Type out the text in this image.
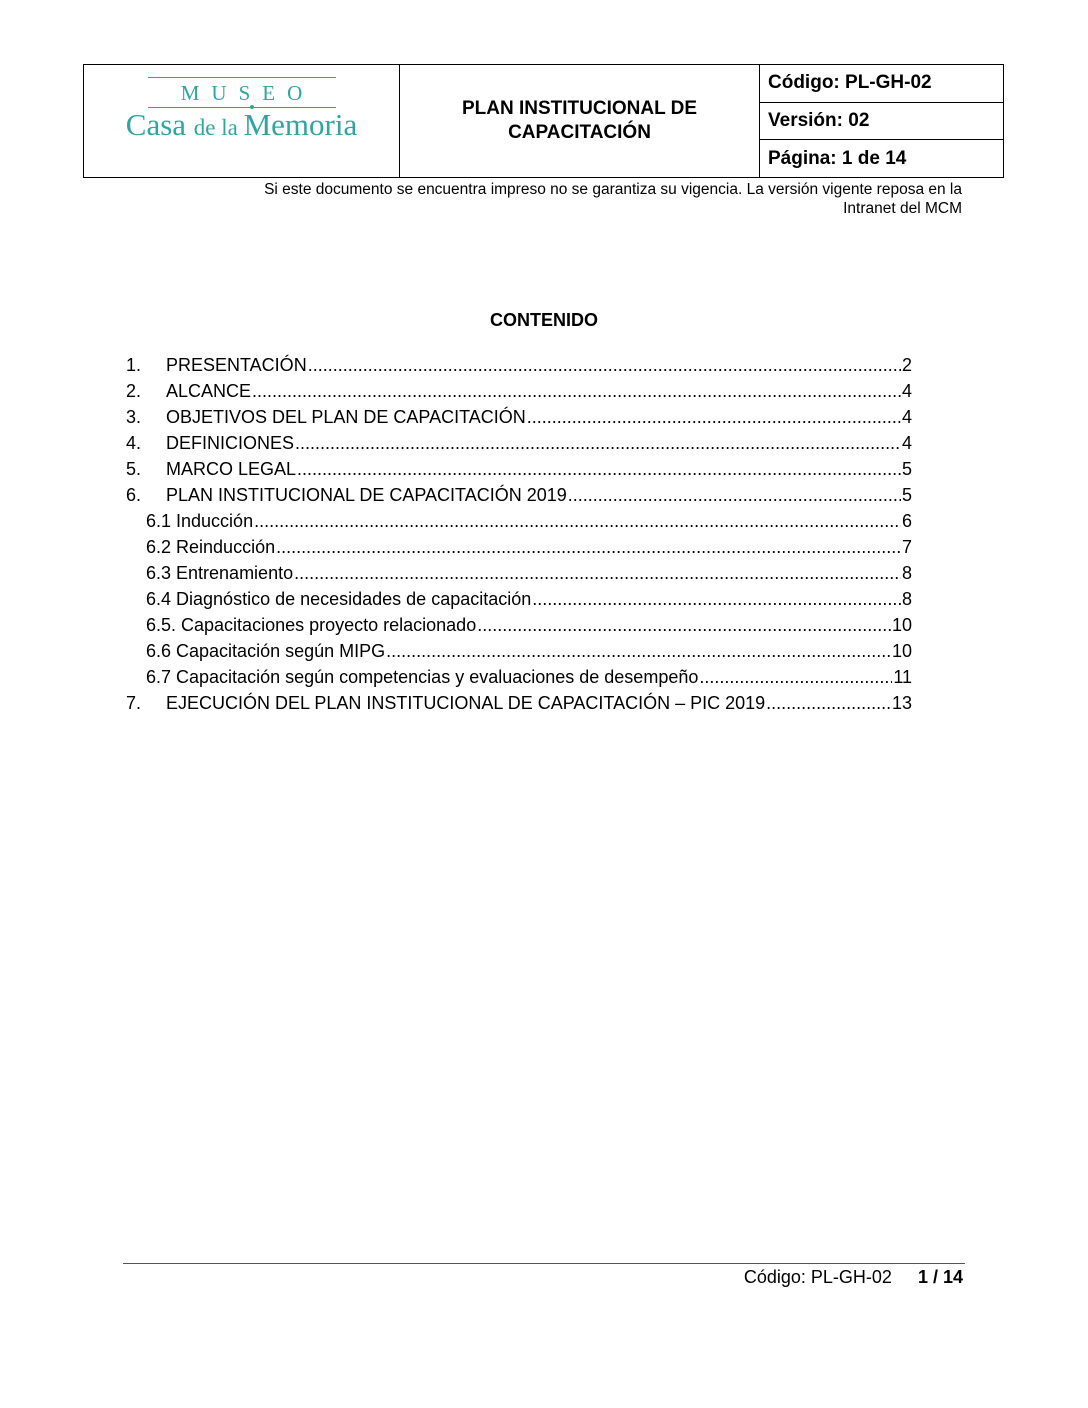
MUSEO
Casa de la Memoria	PLAN INSTITUCIONAL DE
CAPACITACIÓN
Código: PL-GH-02
Versión: 02
Página: 1 de 14
Si este documento se encuentra impreso no se garantiza su vigencia. La versión vigente reposa en la
Intranet del MCM
CONTENIDO
1.	PRESENTACIÓN .....	2
2.	ALCANCE .....	4
3.	OBJETIVOS DEL PLAN DE CAPACITACIÓN .....	4
4.	DEFINICIONES .....	4
5.	MARCO LEGAL .....	5
6.	PLAN INSTITUCIONAL DE CAPACITACIÓN 2019 .....	5
6.1 Inducción .....	6
6.2 Reinducción .....	7
6.3 Entrenamiento .....	8
6.4 Diagnóstico de necesidades de capacitación .....	8
6.5. Capacitaciones proyecto relacionado .....	10
6.6 Capacitación según MIPG .....	10
6.7 Capacitación según competencias y evaluaciones de desempeño .....	11
7.	EJECUCIÓN DEL PLAN INSTITUCIONAL DE CAPACITACIÓN – PIC 2019 .....	13
Código: PL-GH-02 1 / 14
